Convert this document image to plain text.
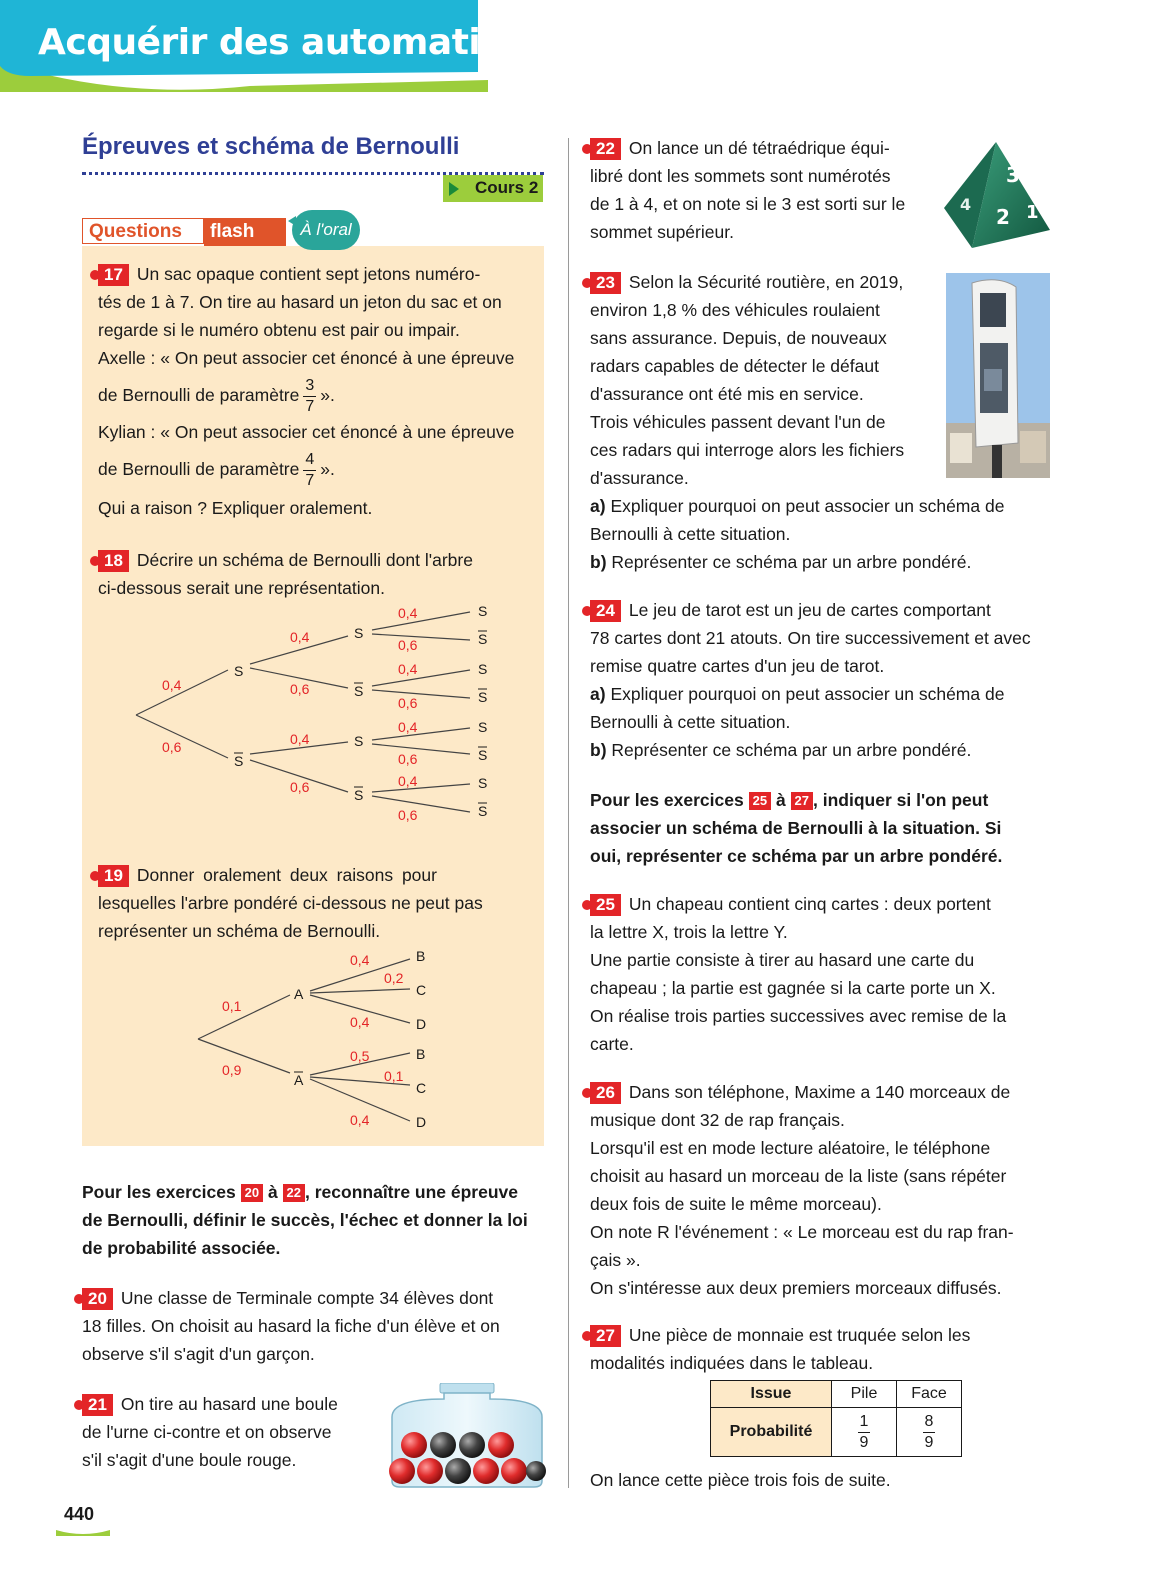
Acquérir des automatismes
Épreuves et schéma de Bernoulli
Cours 2
Questions	flash	À l'oral
17 Un sac opaque contient sept jetons numéro-
tés de 1 à 7. On tire au hasard un jeton du sac et on
regarde si le numéro obtenu est pair ou impair.
Axelle : « On peut associer cet énoncé à une épreuve
de Bernoulli de paramètre $\frac{3}{7}$ ».
Kylian : « On peut associer cet énoncé à une épreuve
de Bernoulli de paramètre $\frac{4}{7}$ ».
Qui a raison ? Expliquer oralement.
18 Décrire un schéma de Bernoulli dont l'arbre
ci-dessous serait une représentation.
0,4
0,6
S
S
0,4	S
0,6	S
0,4	S
0,6	S
0,4	S
0,6	S
0,4	S
0,6	S
0,4	S
0,6	S
0,4	S
0,6	S
19 Donner oralement deux raisons pour
lesquelles l'arbre pondéré ci-dessous ne peut pas
représenter un schéma de Bernoulli.
0,1
0,9
A
A
0,4	B
0,5	B
0,2
C
0,1
C
0,4	D
0,4	D
Pour les exercices 20 à 22 , reconnaître une épreuve
de Bernoulli, définir le succès, l'échec et donner la loi
de probabilité associée.
20 Une classe de Terminale compte 34 élèves dont
18 filles. On choisit au hasard la fiche d'un élève et on
observe s'il s'agit d'un garçon.
21 On tire au hasard une boule
de l'urne ci-contre et on observe
s'il s'agit d'une boule rouge.
22 On lance un dé tétraédrique équi-
libré dont les sommets sont numérotés
de 1 à 4, et on note si le 3 est sorti sur le
sommet supérieur.
3
2 1
4
23 Selon la Sécurité routière, en 2019,
environ 1,8 % des véhicules roulaient
sans assurance. Depuis, de nouveaux
radars capables de détecter le défaut
d'assurance ont été mis en service.
Trois véhicules passent devant l'un de
ces radars qui interroge alors les fichiers
d'assurance.
a) Expliquer pourquoi on peut associer un schéma de
Bernoulli à cette situation.
b) Représenter ce schéma par un arbre pondéré.
24 Le jeu de tarot est un jeu de cartes comportant
78 cartes dont 21 atouts. On tire successivement et avec
remise quatre cartes d'un jeu de tarot.
a) Expliquer pourquoi on peut associer un schéma de
Bernoulli à cette situation.
b) Représenter ce schéma par un arbre pondéré.
Pour les exercices 25 à 27 , indiquer si l'on peut
associer un schéma de Bernoulli à la situation. Si
oui, représenter ce schéma par un arbre pondéré.
25 Un chapeau contient cinq cartes : deux portent
la lettre X, trois la lettre Y.
Une partie consiste à tirer au hasard une carte du
chapeau ; la partie est gagnée si la carte porte un X.
On réalise trois parties successives avec remise de la
carte.
26 Dans son téléphone, Maxime a 140 morceaux de
musique dont 32 de rap français.
Lorsqu'il est en mode lecture aléatoire, le téléphone
choisit au hasard un morceau de la liste (sans répéter
deux fois de suite le même morceau).
On note R l'événement : « Le morceau est du rap fran-
çais ».
On s'intéresse aux deux premiers morceaux diffusés.
27 Une pièce de monnaie est truquée selon les
modalités indiquées dans le tableau.
Issue	Pile	Face
Probabilité	$\frac{1}{9}$	$\frac{8}{9}$
On lance cette pièce trois fois de suite.
440
